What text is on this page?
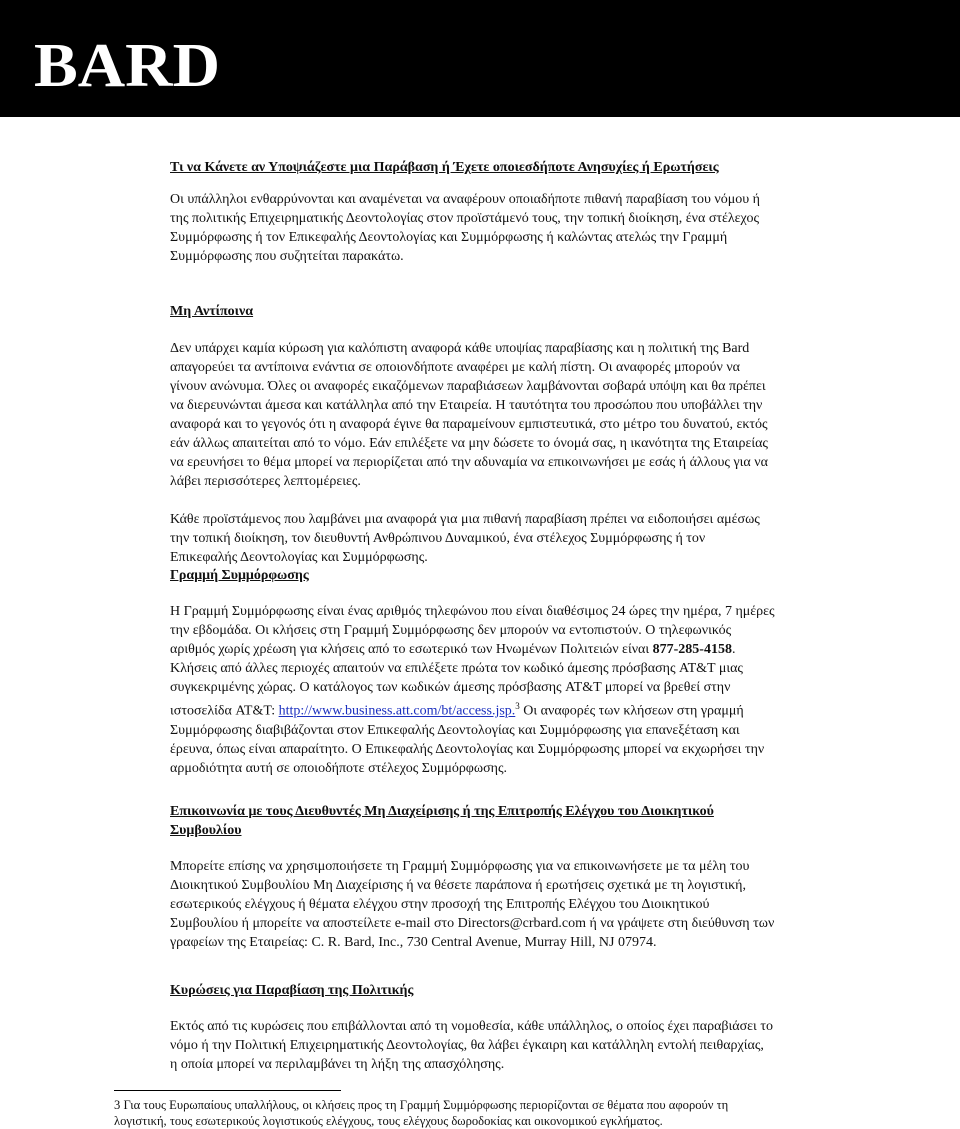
BARD

Τι να Κάνετε αν Υποψιάζεστε μια Παράβαση ή Έχετε οποιεσδήποτε Ανησυχίες ή Ερωτήσεις

Οι υπάλληλοι ενθαρρύνονται και αναμένεται να αναφέρουν οποιαδήποτε πιθανή παραβίαση του νόμου ή
της πολιτικής Επιχειρηματικής Δεοντολογίας στον προϊστάμενό τους, την τοπική διοίκηση, ένα στέλεχος
Συμμόρφωσης ή τον Επικεφαλής Δεοντολογίας και Συμμόρφωσης ή καλώντας ατελώς την Γραμμή
Συμμόρφωσης που συζητείται παρακάτω.

Μη Αντίποινα

Δεν υπάρχει καμία κύρωση για καλόπιστη αναφορά κάθε υποψίας παραβίασης και η πολιτική της Bard
απαγορεύει τα αντίποινα ενάντια σε οποιονδήποτε αναφέρει με καλή πίστη. Οι αναφορές μπορούν να
γίνουν ανώνυμα. Όλες οι αναφορές εικαζόμενων παραβιάσεων λαμβάνονται σοβαρά υπόψη και θα πρέπει
να διερευνώνται άμεσα και κατάλληλα από την Εταιρεία. Η ταυτότητα του προσώπου που υποβάλλει την
αναφορά και το γεγονός ότι η αναφορά έγινε θα παραμείνουν εμπιστευτικά, στο μέτρο του δυνατού, εκτός
εάν άλλως απαιτείται από το νόμο. Εάν επιλέξετε να μην δώσετε το όνομά σας, η ικανότητα της Εταιρείας
να ερευνήσει το θέμα μπορεί να περιορίζεται από την αδυναμία να επικοινωνήσει με εσάς ή άλλους για να
λάβει περισσότερες λεπτομέρειες.

Κάθε προϊστάμενος που λαμβάνει μια αναφορά για μια πιθανή παραβίαση πρέπει να ειδοποιήσει αμέσως
την τοπική διοίκηση, τον διευθυντή Ανθρώπινου Δυναμικού, ένα στέλεχος Συμμόρφωσης ή τον
Επικεφαλής Δεοντολογίας και Συμμόρφωσης.

Γραμμή Συμμόρφωσης

Η Γραμμή Συμμόρφωσης είναι ένας αριθμός τηλεφώνου που είναι διαθέσιμος 24 ώρες την ημέρα, 7 ημέρες
την εβδομάδα. Οι κλήσεις στη Γραμμή Συμμόρφωσης δεν μπορούν να εντοπιστούν. Ο τηλεφωνικός
αριθμός χωρίς χρέωση για κλήσεις από το εσωτερικό των Ηνωμένων Πολιτειών είναι 877-285-4158.
Κλήσεις από άλλες περιοχές απαιτούν να επιλέξετε πρώτα τον κωδικό άμεσης πρόσβασης AT&T μιας
συγκεκριμένης χώρας. Ο κατάλογος των κωδικών άμεσης πρόσβασης AT&T μπορεί να βρεθεί στην
ιστοσελίδα AT&T: http://www.business.att.com/bt/access.jsp.$^3$ Οι αναφορές των κλήσεων στη γραμμή
Συμμόρφωσης διαβιβάζονται στον Επικεφαλής Δεοντολογίας και Συμμόρφωσης για επανεξέταση και
έρευνα, όπως είναι απαραίτητο. Ο Επικεφαλής Δεοντολογίας και Συμμόρφωσης μπορεί να εκχωρήσει την
αρμοδιότητα αυτή σε οποιοδήποτε στέλεχος Συμμόρφωσης.

Επικοινωνία με τους Διευθυντές Μη Διαχείρισης ή της Επιτροπής Ελέγχου του Διοικητικού

Συμβουλίου

Μπορείτε επίσης να χρησιμοποιήσετε τη Γραμμή Συμμόρφωσης για να επικοινωνήσετε με τα μέλη του
Διοικητικού Συμβουλίου Μη Διαχείρισης ή να θέσετε παράπονα ή ερωτήσεις σχετικά με τη λογιστική,
εσωτερικούς ελέγχους ή θέματα ελέγχου στην προσοχή της Επιτροπής Ελέγχου του Διοικητικού
Συμβουλίου ή μπορείτε να αποστείλετε e-mail στο Directors@crbard.com ή να γράψετε στη διεύθυνση των
γραφείων της Εταιρείας: C. R. Bard, Inc., 730 Central Avenue, Murray Hill, NJ 07974.

Κυρώσεις για Παραβίαση της Πολιτικής

Εκτός από τις κυρώσεις που επιβάλλονται από τη νομοθεσία, κάθε υπάλληλος, ο οποίος έχει παραβιάσει το
νόμο ή την Πολιτική Επιχειρηματικής Δεοντολογίας, θα λάβει έγκαιρη και κατάλληλη εντολή πειθαρχίας,
η οποία μπορεί να περιλαμβάνει τη λήξη της απασχόλησης.

3 Για τους Ευρωπαίους υπαλλήλους, οι κλήσεις προς τη Γραμμή Συμμόρφωσης περιορίζονται σε θέματα που αφορούν τη
λογιστική, τους εσωτερικούς λογιστικούς ελέγχους, τους ελέγχους δωροδοκίας και οικονομικού εγκλήματος.
